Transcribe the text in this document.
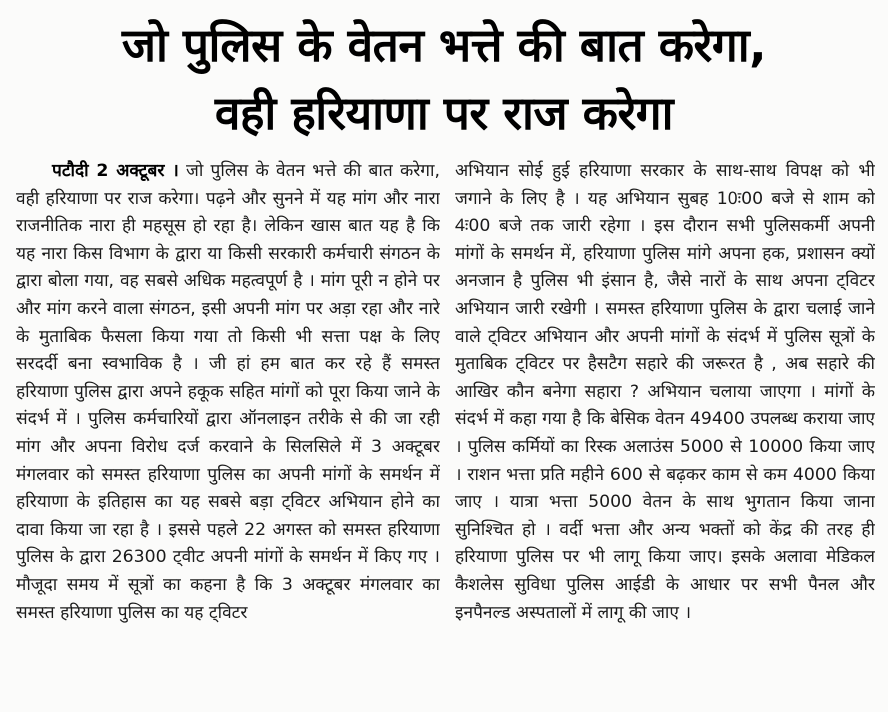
जो पुलिस के वेतन भत्ते की बात करेगा,
वही हरियाणा पर राज करेगा

पटौदी 2 अक्टूबर । जो पुलिस के वेतन भत्ते की बात करेगा, वही हरियाणा पर राज करेगा। पढ़ने और सुनने में यह मांग और नारा राजनीतिक नारा ही महसूस हो रहा है। लेकिन खास बात यह है कि यह नारा किस विभाग के द्वारा या किसी सरकारी कर्मचारी संगठन के द्वारा बोला गया, वह सबसे अधिक महत्वपूर्ण है । मांग पूरी न होने पर और मांग करने वाला संगठन, इसी अपनी मांग पर अड़ा रहा और नारे के मुताबिक फैसला किया गया तो किसी भी सत्ता पक्ष के लिए सरदर्दी बना स्वभाविक है । जी हां हम बात कर रहे हैं समस्त हरियाणा पुलिस द्वारा अपने हकूक सहित मांगों को पूरा किया जाने के संदर्भ में । पुलिस कर्मचारियों द्वारा ऑनलाइन तरीके से की जा रही मांग और अपना विरोध दर्ज करवाने के सिलसिले में 3 अक्टूबर मंगलवार को समस्त हरियाणा पुलिस का अपनी मांगों के समर्थन में हरियाणा के इतिहास का यह सबसे बड़ा ट्विटर अभियान होने का दावा किया जा रहा है । इससे पहले 22 अगस्त को समस्त हरियाणा पुलिस के द्वारा 26300 ट्वीट अपनी मांगों के समर्थन में किए गए । मौजूदा समय में सूत्रों का कहना है कि 3 अक्टूबर मंगलवार का समस्त हरियाणा पुलिस का यह ट्विटर

अभियान सोई हुई हरियाणा सरकार के साथ-साथ विपक्ष को भी जगाने के लिए है । यह अभियान सुबह 10ः00 बजे से शाम को 4ः00 बजे तक जारी रहेगा । इस दौरान सभी पुलिसकर्मी अपनी मांगों के समर्थन में, हरियाणा पुलिस मांगे अपना हक, प्रशासन क्यों अनजान है पुलिस भी इंसान है, जैसे नारों के साथ अपना ट्विटर अभियान जारी रखेगी । समस्त हरियाणा पुलिस के द्वारा चलाई जाने वाले ट्विटर अभियान और अपनी मांगों के संदर्भ में पुलिस सूत्रों के मुताबिक ट्विटर पर हैसटैग सहारे की जरूरत है , अब सहारे की आखिर कौन बनेगा सहारा ? अभियान चलाया जाएगा । मांगों के संदर्भ में कहा गया है कि बेसिक वेतन 49400 उपलब्ध कराया जाए । पुलिस कर्मियों का रिस्क अलाउंस 5000 से 10000 किया जाए । राशन भत्ता प्रति महीने 600 से बढ़कर काम से कम 4000 किया जाए । यात्रा भत्ता 5000 वेतन के साथ भुगतान किया जाना सुनिश्चित हो । वर्दी भत्ता और अन्य भक्तों को केंद्र की तरह ही हरियाणा पुलिस पर भी लागू किया जाए। इसके अलावा मेडिकल कैशलेस सुविधा पुलिस आईडी के आधार पर सभी पैनल और इनपैनल्ड अस्पतालों में लागू की जाए ।
